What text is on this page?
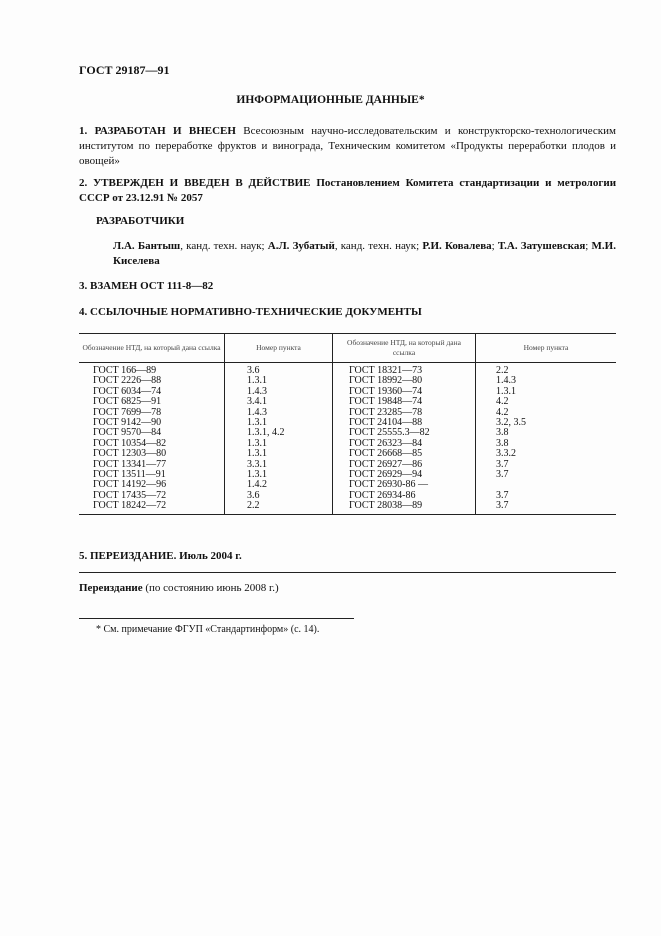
ГОСТ 29187—91
ИНФОРМАЦИОННЫЕ ДАННЫЕ*
1. РАЗРАБОТАН И ВНЕСЕН Всесоюзным научно-исследовательским и конструкторско-технологическим институтом по переработке фруктов и винограда, Техническим комитетом «Продукты переработки плодов и овощей»
2. УТВЕРЖДЕН И ВВЕДЕН В ДЕЙСТВИЕ Постановлением Комитета стандартизации и метрологии СССР от 23.12.91 № 2057
РАЗРАБОТЧИКИ
Л.А. Бантыш, канд. техн. наук; А.Л. Зубатый, канд. техн. наук; Р.И. Ковалева; Т.А. Затушевская; М.И. Киселева
3. ВЗАМЕН ОСТ 111-8—82
4. ССЫЛОЧНЫЕ НОРМАТИВНО-ТЕХНИЧЕСКИЕ ДОКУМЕНТЫ
Обозначение НТД, на который дана ссылка	Номер пункта	Обозначение НТД, на который дана ссылка	Номер пункта
ГОСТ 166—89	3.6	ГОСТ 18321—73	2.2
ГОСТ 2226—88	1.3.1	ГОСТ 18992—80	1.4.3
ГОСТ 6034—74	1.4.3	ГОСТ 19360—74	1.3.1
ГОСТ 6825—91	3.4.1	ГОСТ 19848—74	4.2
ГОСТ 7699—78	1.4.3	ГОСТ 23285—78	4.2
ГОСТ 9142—90	1.3.1	ГОСТ 24104—88	3.2, 3.5
ГОСТ 9570—84	1.3.1, 4.2	ГОСТ 25555.3—82	3.8
ГОСТ 10354—82	1.3.1	ГОСТ 26323—84	3.8
ГОСТ 12303—80	1.3.1	ГОСТ 26668—85	3.3.2
ГОСТ 13341—77	3.3.1	ГОСТ 26927—86	3.7
ГОСТ 13511—91	1.3.1	ГОСТ 26929—94	3.7
ГОСТ 14192—96	1.4.2	ГОСТ 26930-86 —	
ГОСТ 17435—72	3.6	ГОСТ 26934-86	3.7
ГОСТ 18242—72	2.2	ГОСТ 28038—89	3.7
5. ПЕРЕИЗДАНИЕ. Июль 2004 г.
Переиздание (по состоянию июнь 2008 г.)
* См. примечание ФГУП «Стандартинформ» (с. 14).
